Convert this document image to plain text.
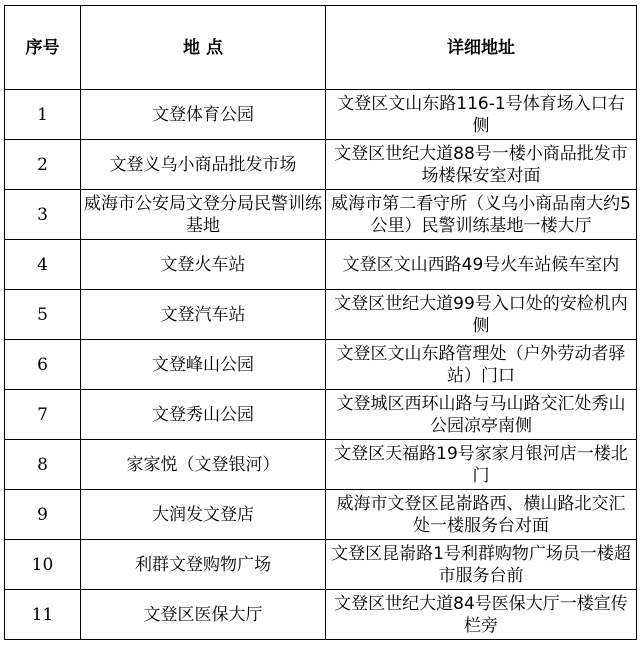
序号	地 点	详细地址
1	文登体育公园	文登区文山东路116-1号体育场入口右侧
2	文登义乌小商品批发市场	文登区世纪大道88号一楼小商品批发市场楼保安室对面
3	威海市公安局文登分局民警训练基地	威海市第二看守所（义乌小商品南大约5公里）民警训练基地一楼大厅
4	文登火车站	文登区文山西路49号火车站候车室内
5	文登汽车站	文登区世纪大道99号入口处的安检机内侧
6	文登峰山公园	文登区文山东路管理处（户外劳动者驿站）门口
7	文登秀山公园	文登城区西环山路与马山路交汇处秀山公园凉亭南侧
8	家家悦（文登银河）	文登区天福路19号家家月银河店一楼北门
9	大润发文登店	威海市文登区昆嵛路西、横山路北交汇处一楼服务台对面
10	利群文登购物广场	文登区昆嵛路1号利群购物广场员一楼超市服务台前
11	文登区医保大厅	文登区世纪大道84号医保大厅一楼宣传栏旁
